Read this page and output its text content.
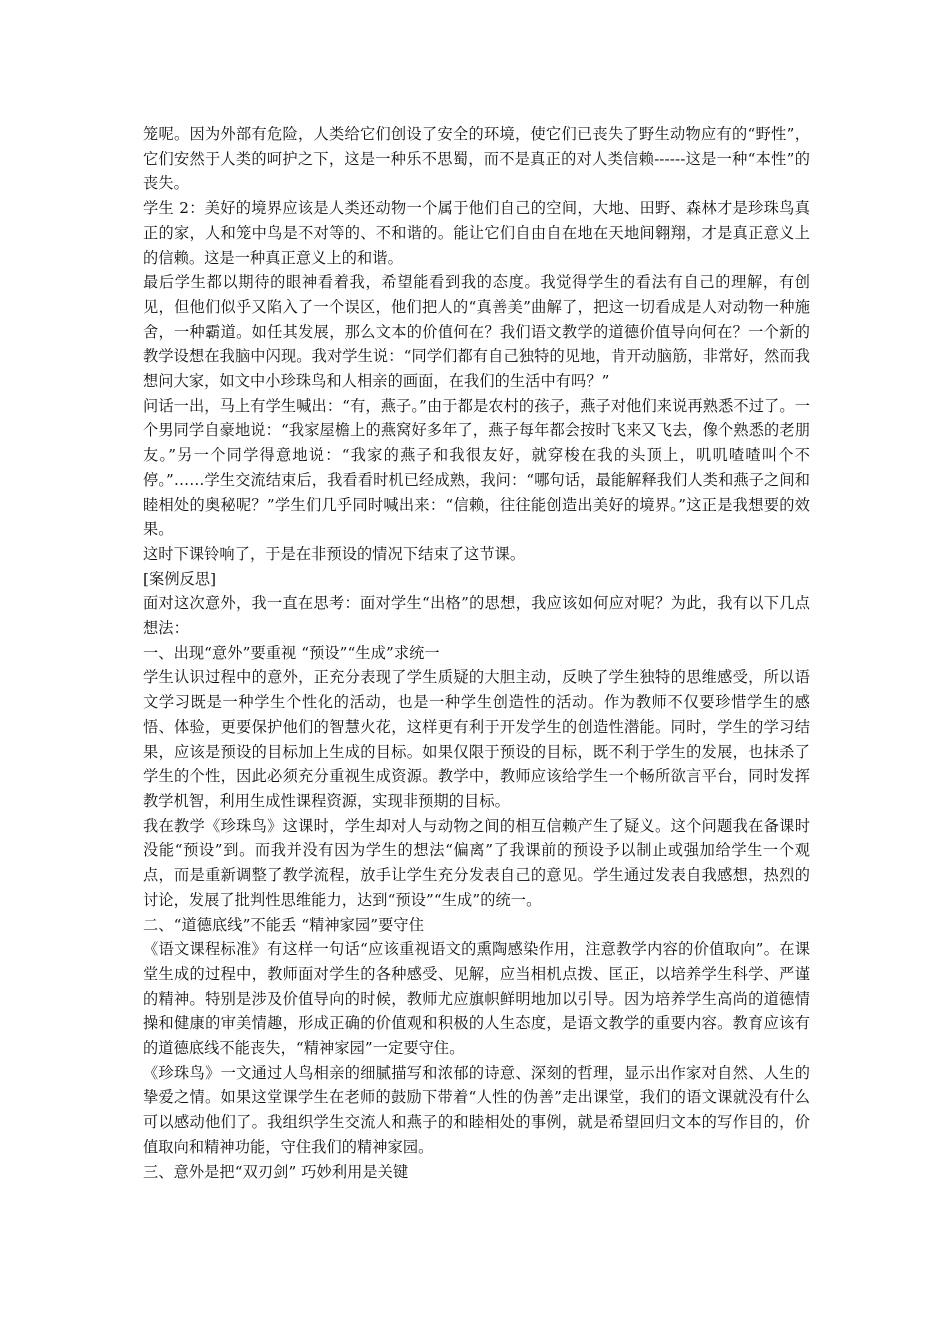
笼呢。因为外部有危险，人类给它们创设了安全的环境，使它们已丧失了野生动物应有的“野性”，它们安然于人类的呵护之下，这是一种乐不思蜀，而不是真正的对人类信赖------这是一种“本性”的丧失。

学生 2：美好的境界应该是人类还动物一个属于他们自己的空间，大地、田野、森林才是珍珠鸟真正的家，人和笼中鸟是不对等的、不和谐的。能让它们自由自在地在天地间翱翔，才是真正意义上的信赖。这是一种真正意义上的和谐。

最后学生都以期待的眼神看着我，希望能看到我的态度。我觉得学生的看法有自己的理解，有创见，但他们似乎又陷入了一个误区，他们把人的“真善美”曲解了，把这一切看成是人对动物一种施舍，一种霸道。如任其发展，那么文本的价值何在？我们语文教学的道德价值导向何在？一个新的教学设想在我脑中闪现。我对学生说：“同学们都有自己独特的见地，肯开动脑筋，非常好，然而我想问大家，如文中小珍珠鸟和人相亲的画面，在我们的生活中有吗？”

问话一出，马上有学生喊出：“有，燕子。”由于都是农村的孩子，燕子对他们来说再熟悉不过了。一个男同学自豪地说：“我家屋檐上的燕窝好多年了，燕子每年都会按时飞来又飞去，像个熟悉的老朋友。”另一个同学得意地说：“我家的燕子和我很友好，就穿梭在我的头顶上，叽叽喳喳叫个不停。”……学生交流结束后，我看看时机已经成熟，我问：“哪句话，最能解释我们人类和燕子之间和睦相处的奥秘呢？”学生们几乎同时喊出来：“信赖，往往能创造出美好的境界。”这正是我想要的效果。

这时下课铃响了，于是在非预设的情况下结束了这节课。

[案例反思]

面对这次意外，我一直在思考：面对学生“出格”的思想，我应该如何应对呢？为此，我有以下几点想法：

一、出现“意外”要重视 “预设”“生成”求统一

学生认识过程中的意外，正充分表现了学生质疑的大胆主动，反映了学生独特的思维感受，所以语文学习既是一种学生个性化的活动，也是一种学生创造性的活动。作为教师不仅要珍惜学生的感悟、体验，更要保护他们的智慧火花，这样更有利于开发学生的创造性潜能。同时，学生的学习结果，应该是预设的目标加上生成的目标。如果仅限于预设的目标，既不利于学生的发展，也抹杀了学生的个性，因此必须充分重视生成资源。教学中，教师应该给学生一个畅所欲言平台，同时发挥教学机智，利用生成性课程资源，实现非预期的目标。

我在教学《珍珠鸟》这课时，学生却对人与动物之间的相互信赖产生了疑义。这个问题我在备课时没能“预设”到。而我并没有因为学生的想法“偏离”了我课前的预设予以制止或强加给学生一个观点，而是重新调整了教学流程，放手让学生充分发表自己的意见。学生通过发表自我感想，热烈的讨论，发展了批判性思维能力，达到“预设”“生成”的统一。

二、“道德底线”不能丢 “精神家园”要守住

《语文课程标准》有这样一句话“应该重视语文的熏陶感染作用，注意教学内容的价值取向”。在课堂生成的过程中，教师面对学生的各种感受、见解，应当相机点拨、匡正，以培养学生科学、严谨的精神。特别是涉及价值导向的时候，教师尤应旗帜鲜明地加以引导。因为培养学生高尚的道德情操和健康的审美情趣，形成正确的价值观和积极的人生态度，是语文教学的重要内容。教育应该有的道德底线不能丧失，“精神家园”一定要守住。

《珍珠鸟》一文通过人鸟相亲的细腻描写和浓郁的诗意、深刻的哲理，显示出作家对自然、人生的挚爱之情。如果这堂课学生在老师的鼓励下带着“人性的伪善”走出课堂，我们的语文课就没有什么可以感动他们了。我组织学生交流人和燕子的和睦相处的事例，就是希望回归文本的写作目的，价值取向和精神功能，守住我们的精神家园。

三、意外是把“双刃剑” 巧妙利用是关键
